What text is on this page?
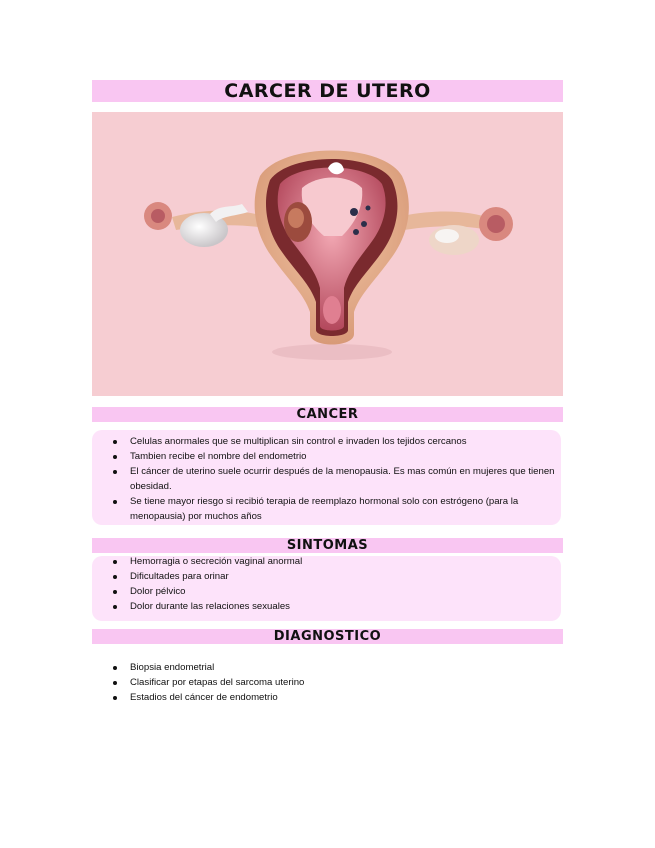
CARCER DE UTERO
CANCER
Celulas anormales que se multiplican sin control e invaden los tejidos cercanos
Tambien recibe el nombre del endometrio
El cáncer de uterino suele ocurrir después de la menopausia. Es mas común en mujeres que tienen obesidad.
Se tiene mayor riesgo si recibió terapia de reemplazo hormonal solo con estrógeno (para la menopausia) por muchos años
SINTOMAS
Hemorragia o secreción vaginal anormal
Dificultades para orinar
Dolor pélvico
Dolor durante las relaciones sexuales
DIAGNOSTICO
Biopsia endometrial
Clasificar por etapas del sarcoma uterino
Estadios del cáncer de endometrio
